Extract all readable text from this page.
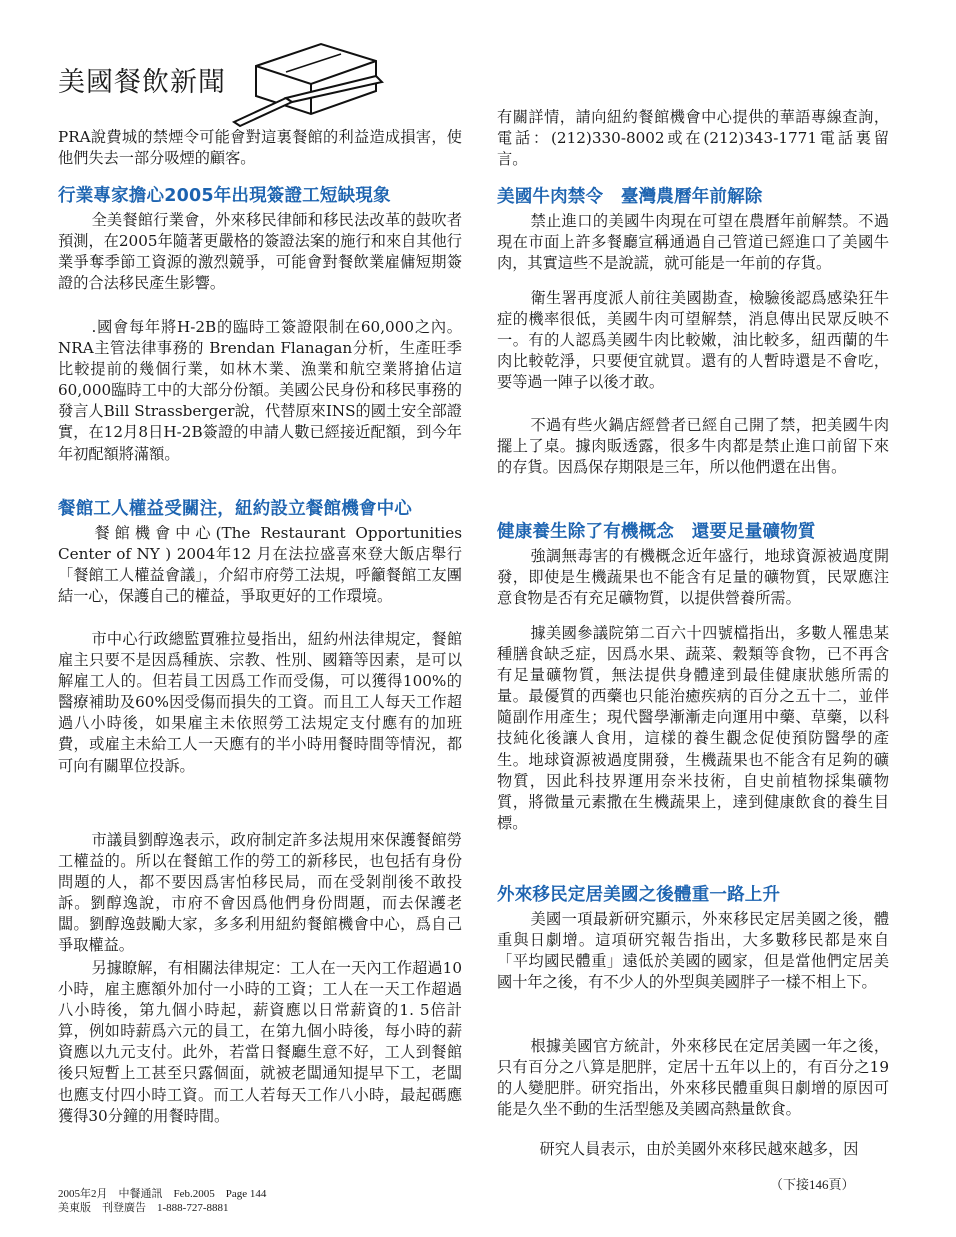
美國餐飲新聞

PRA說費城的禁煙令可能會對這裏餐館的利益造成損害，使他們失去一部分吸煙的顧客。

行業專家擔心2005年出現簽證工短缺現象

全美餐館行業會，外來移民律師和移民法改革的鼓吹者預測，在2005年隨著更嚴格的簽證法案的施行和來自其他行業爭奪季節工資源的激烈競爭，可能會對餐飲業雇傭短期簽證的合法移民產生影響。

.國會每年將H-2B的臨時工簽證限制在60,000之內。NRA主管法律事務的 Brendan Flanagan分析，生產旺季比較提前的幾個行業，如林木業、漁業和航空業將搶佔這60,000臨時工中的大部分份額。美國公民身份和移民事務的發言人Bill Strassberger說，代替原來INS的國土安全部證實，在12月8日H-2B簽證的申請人數已經接近配額，到今年年初配額將滿額。

餐館工人權益受關注，紐約設立餐館機會中心

餐館機會中心(The Restaurant Opportunities Center of NY ) 2004年12 月在法拉盛喜來登大飯店舉行「餐館工人權益會議」，介紹市府勞工法規，呼籲餐館工友團結一心，保護自己的權益，爭取更好的工作環境。

市中心行政總監賈雅拉曼指出，紐約州法律規定，餐館雇主只要不是因爲種族、宗教、性別、國籍等因素，是可以解雇工人的。但若員工因爲工作而受傷，可以獲得100%的醫療補助及60%因受傷而損失的工資。而且工人每天工作超過八小時後，如果雇主未依照勞工法規定支付應有的加班費，或雇主未給工人一天應有的半小時用餐時間等情況，都可向有關單位投訴。

市議員劉醇逸表示，政府制定許多法規用來保護餐館勞工權益的。所以在餐館工作的勞工的新移民，也包括有身份問題的人，都不要因爲害怕移民局，而在受剝削後不敢投訴。劉醇逸說，市府不會因爲他們身份問題，而去保護老闆。劉醇逸鼓勵大家，多多利用紐約餐館機會中心，爲自己爭取權益。

另據瞭解，有相關法律規定：工人在一天內工作超過10小時，雇主應額外加付一小時的工資；工人在一天工作超過八小時後，第九個小時起，薪資應以日常薪資的1. 5倍計算，例如時薪爲六元的員工，在第九個小時後，每小時的薪資應以九元支付。此外，若當日餐廳生意不好，工人到餐館後只短暫上工甚至只露個面，就被老闆通知提早下工，老闆也應支付四小時工資。而工人若每天工作八小時，最起碼應獲得30分鐘的用餐時間。

有關詳情，請向紐約餐館機會中心提供的華語專線查詢，電話：(212)330-8002或在(212)343-1771電話裏留言。

美國牛肉禁令　臺灣農曆年前解除

禁止進口的美國牛肉現在可望在農曆年前解禁。不過現在市面上許多餐廳宣稱通過自己管道已經進口了美國牛肉，其實這些不是說謊，就可能是一年前的存貨。

衛生署再度派人前往美國勘查，檢驗後認爲感染狂牛症的機率很低，美國牛肉可望解禁，消息傳出民眾反映不一。有的人認爲美國牛肉比較嫩，油比較多，紐西蘭的牛肉比較乾淨，只要便宜就買。還有的人暫時還是不會吃，要等過一陣子以後才敢。

不過有些火鍋店經營者已經自己開了禁，把美國牛肉擺上了桌。據肉販透露，很多牛肉都是禁止進口前留下來的存貨。因爲保存期限是三年，所以他們還在出售。

健康養生除了有機概念　還要足量礦物質

強調無毒害的有機概念近年盛行，地球資源被過度開發，即使是生機蔬果也不能含有足量的礦物質，民眾應注意食物是否有充足礦物質，以提供營養所需。

據美國參議院第二百六十四號檔指出，多數人罹患某種膳食缺乏症，因爲水果、蔬菜、穀類等食物，已不再含有足量礦物質，無法提供身體達到最佳健康狀態所需的量。最優質的西藥也只能治癒疾病的百分之五十二，並伴隨副作用產生；現代醫學漸漸走向運用中藥、草藥，以科技純化後讓人食用，這樣的養生觀念促使預防醫學的產生。地球資源被過度開發，生機蔬果也不能含有足夠的礦物質，因此科技界運用奈米技術，自史前植物採集礦物質，將微量元素撒在生機蔬果上，達到健康飲食的養生目標。

外來移民定居美國之後體重一路上升

美國一項最新研究顯示，外來移民定居美國之後，體重與日劇增。這項研究報告指出，大多數移民都是來自「平均國民體重」遠低於美國的國家，但是當他們定居美國十年之後，有不少人的外型與美國胖子一樣不相上下。

根據美國官方統計，外來移民在定居美國一年之後，只有百分之八算是肥胖，定居十五年以上的，有百分之19的人變肥胖。研究指出，外來移民體重與日劇增的原因可能是久坐不動的生活型態及美國高熱量飲食。

研究人員表示，由於美國外來移民越來越多，因

（下接146頁）
2005年2月　中餐通訊　Feb.2005　Page 144
美東版　刊登廣告　1-888-727-8881
